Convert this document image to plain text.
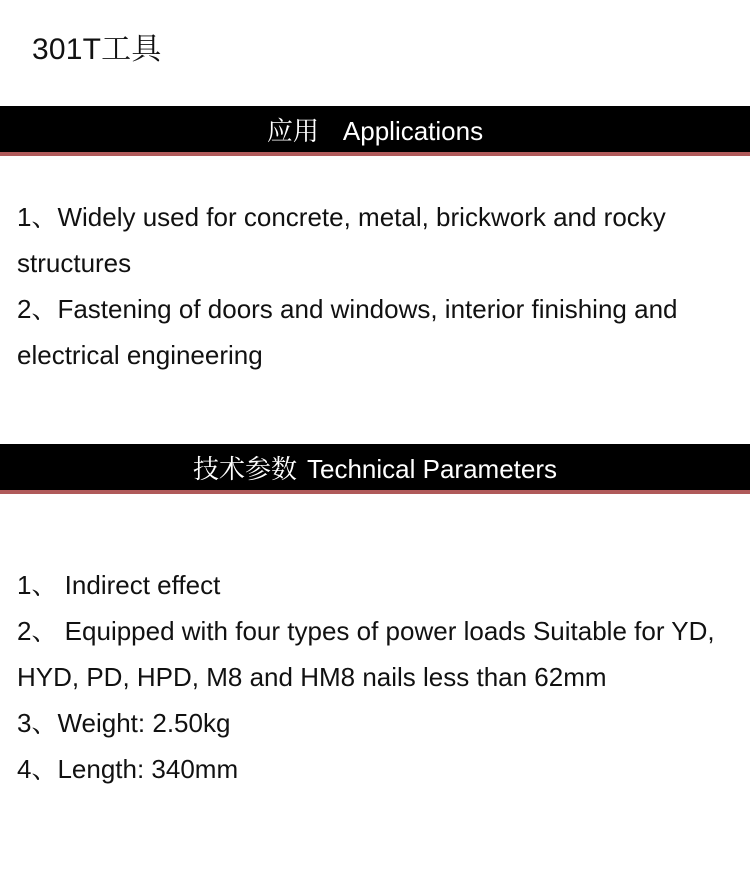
301T工具
应用 Applications
1、Widely used for concrete, metal, brickwork and rocky structures
2、Fastening of doors and windows, interior finishing and electrical engineering
技术参数 Technical Parameters
1、 Indirect effect
2、 Equipped with four types of power loads Suitable for YD, HYD, PD, HPD, M8 and HM8 nails less than 62mm
3、Weight: 2.50kg
4、Length: 340mm
